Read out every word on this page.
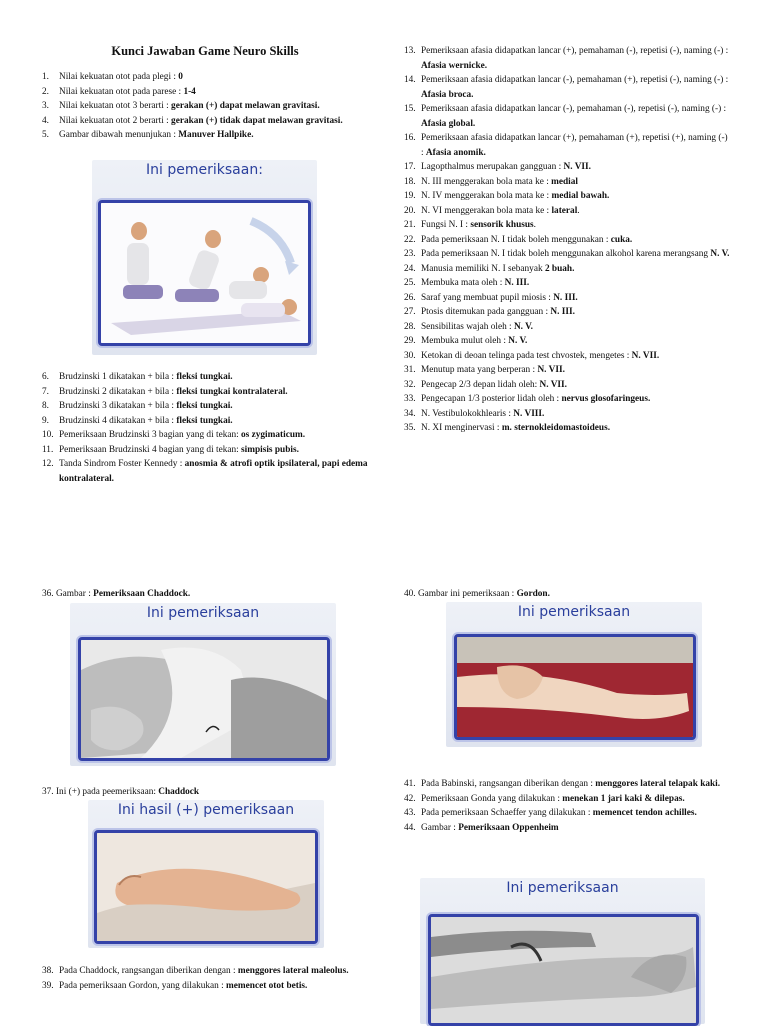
Kunci Jawaban Game Neuro Skills
1.	Nilai kekuatan otot pada plegi : 0
2.	Nilai kekuatan otot pada parese : 1-4
3.	Nilai kekuatan otot 3 berarti : gerakan (+) dapat melawan gravitasi.
4.	Nilai kekuatan otot 2 berarti : gerakan (+) tidak dapat melawan gravitasi.
5.	Gambar dibawah menunjukan : Manuver Hallpike.
Ini pemeriksaan:
6.	Brudzinski 1 dikatakan + bila : fleksi tungkai.
7.	Brudzinski 2 dikatakan + bila : fleksi tungkai kontralateral.
8.	Brudzinski 3 dikatakan + bila : fleksi tungkai.
9.	Brudzinski 4 dikatakan + bila : fleksi tungkai.
10. Pemeriksaan Brudzinski 3 bagian yang di tekan: os zygimaticum.
11. Pemeriksaan Brudzinski 4 bagian yang di tekan: simpisis pubis.
12. Tanda Sindrom Foster Kennedy : anosmia & atrofi optik ipsilateral, papi edema kontralateral.
13. Pemeriksaan afasia didapatkan lancar (+), pemahaman (-), repetisi (-), naming (-) : Afasia wernicke.
14. Pemeriksaan afasia didapatkan lancar (-), pemahaman (+), repetisi (-), naming (-) : Afasia broca.
15. Pemeriksaan afasia didapatkan lancar (-), pemahaman (-), repetisi (-), naming (-) : Afasia global.
16. Pemeriksaan afasia didapatkan lancar (+), pemahaman (+), repetisi (+), naming (-) : Afasia anomik.
17. Lagopthalmus merupakan gangguan : N. VII.
18. N. III menggerakan bola mata ke : medial
19. N. IV menggerakan bola mata ke : medial bawah.
20. N. VI menggerakan bola mata ke : lateral.
21. Fungsi N. I : sensorik khusus.
22. Pada pemeriksaan N. I tidak boleh menggunakan : cuka.
23. Pada pemeriksaan N. I tidak boleh menggunakan alkohol karena merangsang N. V.
24. Manusia memiliki N. I sebanyak 2 buah.
25. Membuka mata oleh : N. III.
26. Saraf yang membuat pupil miosis : N. III.
27. Ptosis ditemukan pada gangguan : N. III.
28. Sensibilitas wajah oleh : N. V.
29. Membuka mulut oleh : N. V.
30. Ketokan di deoan telinga pada test chvostek, mengetes : N. VII.
31. Menutup mata yang berperan : N. VII.
32. Pengecap 2/3 depan lidah oleh: N. VII.
33. Pengecapan 1/3 posterior lidah oleh : nervus glosofaringeus.
34. N. Vestibulokokhlearis : N. VIII.
35. N. XI menginervasi : m. sternokleidomastoideus.
36. Gambar : Pemeriksaan Chaddock.
Ini pemeriksaan
37. Ini (+) pada peemeriksaan: Chaddock
Ini hasil (+) pemeriksaan
38. Pada Chaddock, rangsangan diberikan dengan : menggores lateral maleolus.
39. Pada pemeriksaan Gordon, yang dilakukan : memencet otot betis.
40. Gambar ini pemeriksaan : Gordon.
Ini pemeriksaan
41. Pada Babinski, rangsangan diberikan dengan : menggores lateral telapak kaki.
42. Pemeriksaan Gonda yang dilakukan : menekan 1 jari kaki & dilepas.
43. Pada pemeriksaan Schaeffer yang dilakukan : memencet tendon achilles.
44. Gambar : Pemeriksaan Oppenheim
Ini pemeriksaan
